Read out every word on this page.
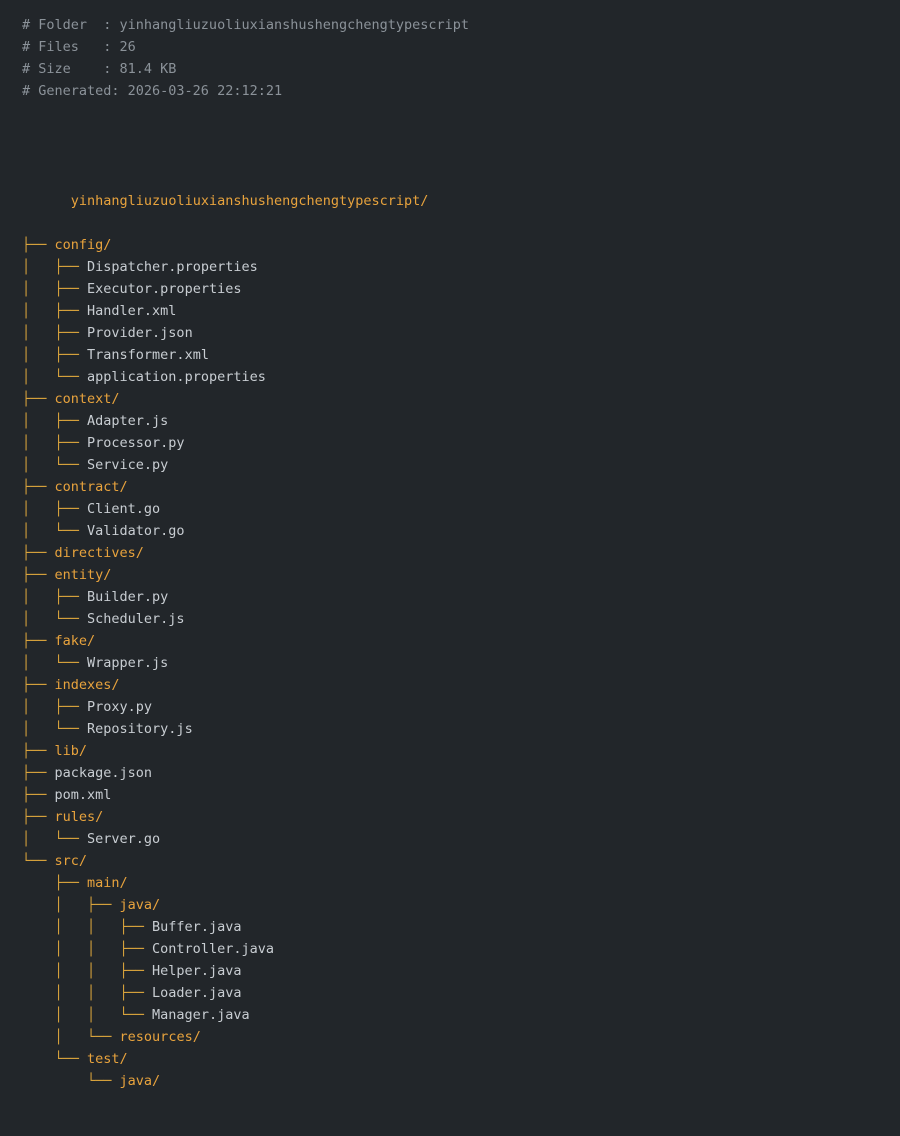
# Folder  : yinhangliuzuoliuxianshushengchengtypescript
# Files   : 26
# Size    : 81.4 KB
# Generated: 2026-03-26 22:12:21

yinhangliuzuoliuxianshushengchengtypescript/

├── config/
│   ├── Dispatcher.properties
│   ├── Executor.properties
│   ├── Handler.xml
│   ├── Provider.json
│   ├── Transformer.xml
│   └── application.properties
├── context/
│   ├── Adapter.js
│   ├── Processor.py
│   └── Service.py
├── contract/
│   ├── Client.go
│   └── Validator.go
├── directives/
├── entity/
│   ├── Builder.py
│   └── Scheduler.js
├── fake/
│   └── Wrapper.js
├── indexes/
│   ├── Proxy.py
│   └── Repository.js
├── lib/
├── package.json
├── pom.xml
├── rules/
│   └── Server.go
└── src/
├── main/
│   ├── java/
│   │   ├── Buffer.java
│   │   ├── Controller.java
│   │   ├── Helper.java
│   │   ├── Loader.java
│   │   └── Manager.java
│   └── resources/
└── test/
└── java/
